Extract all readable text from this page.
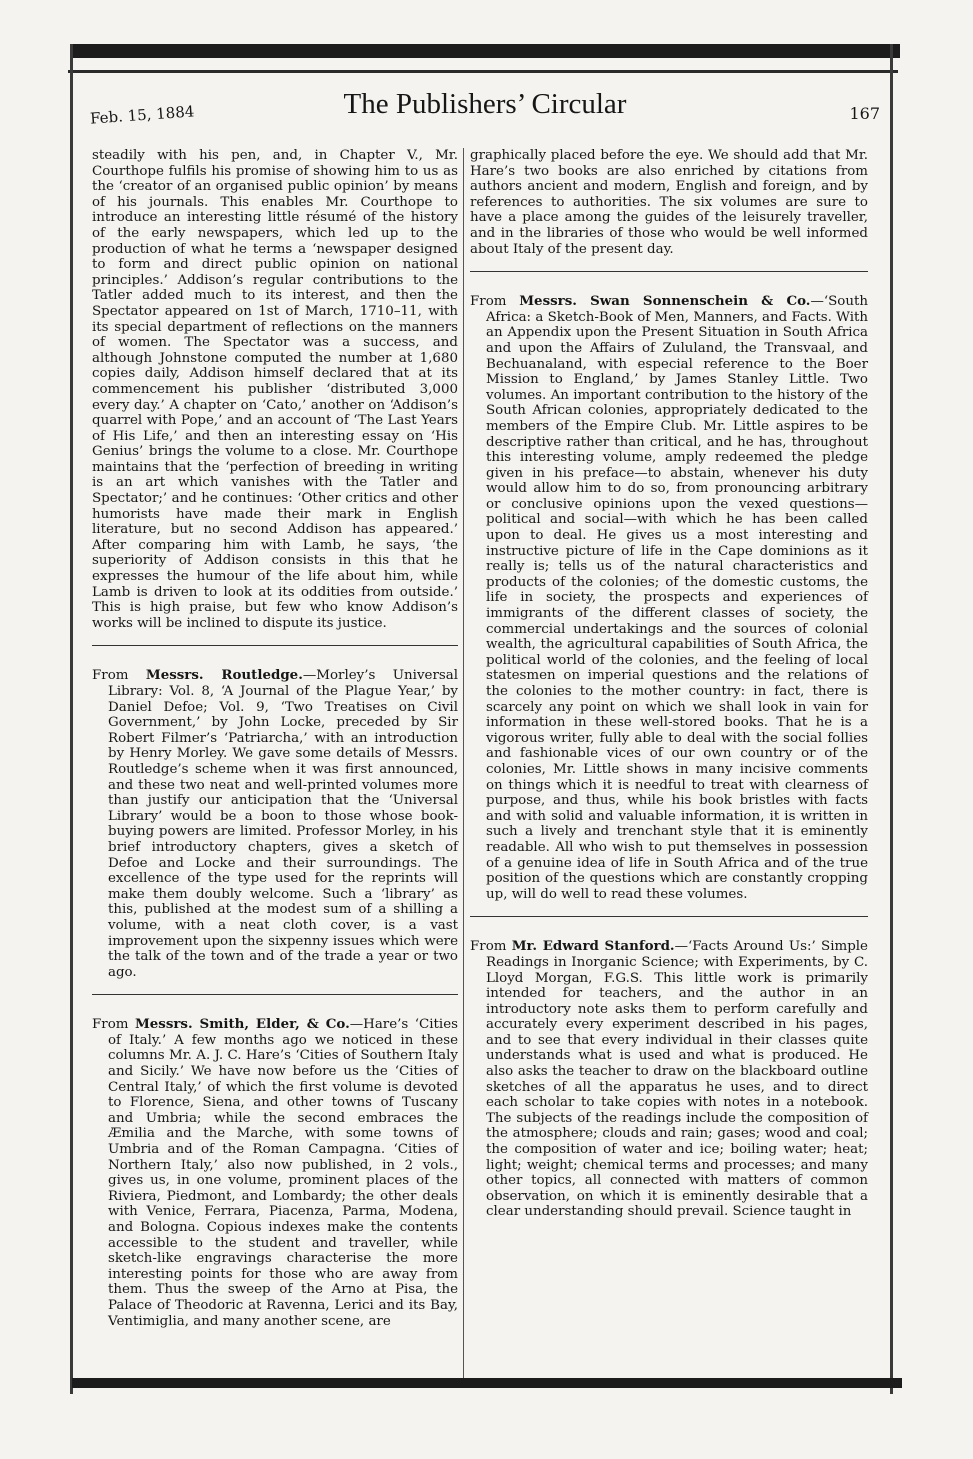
Feb. 15, 1884	The Publishers’ Circular	167

steadily with his pen, and, in Chapter V., Mr. Courthope fulfils his promise of showing him to us as the ‘creator of an organised public opinion’ by means of his journals. This enables Mr. Courthope to introduce an interesting little résumé of the history of the early newspapers, which led up to the production of what he terms a ‘newspaper designed to form and direct public opinion on national principles.’ Addison’s regular contributions to the Tatler added much to its interest, and then the Spectator appeared on 1st of March, 1710–11, with its special department of reflections on the manners of women. The Spectator was a success, and although Johnstone computed the number at 1,680 copies daily, Addison himself declared that at its commencement his publisher ‘distributed 3,000 every day.’ A chapter on ‘Cato,’ another on ‘Addison’s quarrel with Pope,’ and an account of ‘The Last Years of His Life,’ and then an interesting essay on ‘His Genius’ brings the volume to a close. Mr. Courthope maintains that the ‘perfection of breeding in writing is an art which vanishes with the Tatler and Spectator;’ and he continues: ‘Other critics and other humorists have made their mark in English literature, but no second Addison has appeared.’ After comparing him with Lamb, he says, ‘the superiority of Addison consists in this that he expresses the humour of the life about him, while Lamb is driven to look at its oddities from outside.’ This is high praise, but few who know Addison’s works will be inclined to dispute its justice.

From Messrs. Routledge.—Morley’s Universal Library: Vol. 8, ‘A Journal of the Plague Year,’ by Daniel Defoe; Vol. 9, ‘Two Treatises on Civil Government,’ by John Locke, preceded by Sir Robert Filmer’s ‘Patriarcha,’ with an introduction by Henry Morley. We gave some details of Messrs. Routledge’s scheme when it was first announced, and these two neat and well-printed volumes more than justify our anticipation that the ‘Universal Library’ would be a boon to those whose book-buying powers are limited. Professor Morley, in his brief introductory chapters, gives a sketch of Defoe and Locke and their surroundings. The excellence of the type used for the reprints will make them doubly welcome. Such a ‘library’ as this, published at the modest sum of a shilling a volume, with a neat cloth cover, is a vast improvement upon the sixpenny issues which were the talk of the town and of the trade a year or two ago.

From Messrs. Smith, Elder, & Co.—Hare’s ‘Cities of Italy.’ A few months ago we noticed in these columns Mr. A. J. C. Hare’s ‘Cities of Southern Italy and Sicily.’ We have now before us the ‘Cities of Central Italy,’ of which the first volume is devoted to Florence, Siena, and other towns of Tuscany and Umbria; while the second embraces the Æmilia and the Marche, with some towns of Umbria and of the Roman Campagna. ‘Cities of Northern Italy,’ also now published, in 2 vols., gives us, in one volume, prominent places of the Riviera, Piedmont, and Lombardy; the other deals with Venice, Ferrara, Piacenza, Parma, Modena, and Bologna. Copious indexes make the contents accessible to the student and traveller, while sketch-like engravings characterise the more interesting points for those who are away from them. Thus the sweep of the Arno at Pisa, the Palace of Theodoric at Ravenna, Lerici and its Bay, Ventimiglia, and many another scene, are

graphically placed before the eye. We should add that Mr. Hare’s two books are also enriched by citations from authors ancient and modern, English and foreign, and by references to authorities. The six volumes are sure to have a place among the guides of the leisurely traveller, and in the libraries of those who would be well informed about Italy of the present day.

From Messrs. Swan Sonnenschein & Co.—‘South Africa: a Sketch-Book of Men, Manners, and Facts. With an Appendix upon the Present Situation in South Africa and upon the Affairs of Zululand, the Transvaal, and Bechuanaland, with especial reference to the Boer Mission to England,’ by James Stanley Little. Two volumes. An important contribution to the history of the South African colonies, appropriately dedicated to the members of the Empire Club. Mr. Little aspires to be descriptive rather than critical, and he has, throughout this interesting volume, amply redeemed the pledge given in his preface—to abstain, whenever his duty would allow him to do so, from pronouncing arbitrary or conclusive opinions upon the vexed questions—political and social—with which he has been called upon to deal. He gives us a most interesting and instructive picture of life in the Cape dominions as it really is; tells us of the natural characteristics and products of the colonies; of the domestic customs, the life in society, the prospects and experiences of immigrants of the different classes of society, the commercial undertakings and the sources of colonial wealth, the agricultural capabilities of South Africa, the political world of the colonies, and the feeling of local statesmen on imperial questions and the relations of the colonies to the mother country: in fact, there is scarcely any point on which we shall look in vain for information in these well-stored books. That he is a vigorous writer, fully able to deal with the social follies and fashionable vices of our own country or of the colonies, Mr. Little shows in many incisive comments on things which it is needful to treat with clearness of purpose, and thus, while his book bristles with facts and with solid and valuable information, it is written in such a lively and trenchant style that it is eminently readable. All who wish to put themselves in possession of a genuine idea of life in South Africa and of the true position of the questions which are constantly cropping up, will do well to read these volumes.

From Mr. Edward Stanford.—‘Facts Around Us:’ Simple Readings in Inorganic Science; with Experiments, by C. Lloyd Morgan, F.G.S. This little work is primarily intended for teachers, and the author in an introductory note asks them to perform carefully and accurately every experiment described in his pages, and to see that every individual in their classes quite understands what is used and what is produced. He also asks the teacher to draw on the blackboard outline sketches of all the apparatus he uses, and to direct each scholar to take copies with notes in a notebook. The subjects of the readings include the composition of the atmosphere; clouds and rain; gases; wood and coal; the composition of water and ice; boiling water; heat; light; weight; chemical terms and processes; and many other topics, all connected with matters of common observation, on which it is eminently desirable that a clear understanding should prevail. Science taught in
